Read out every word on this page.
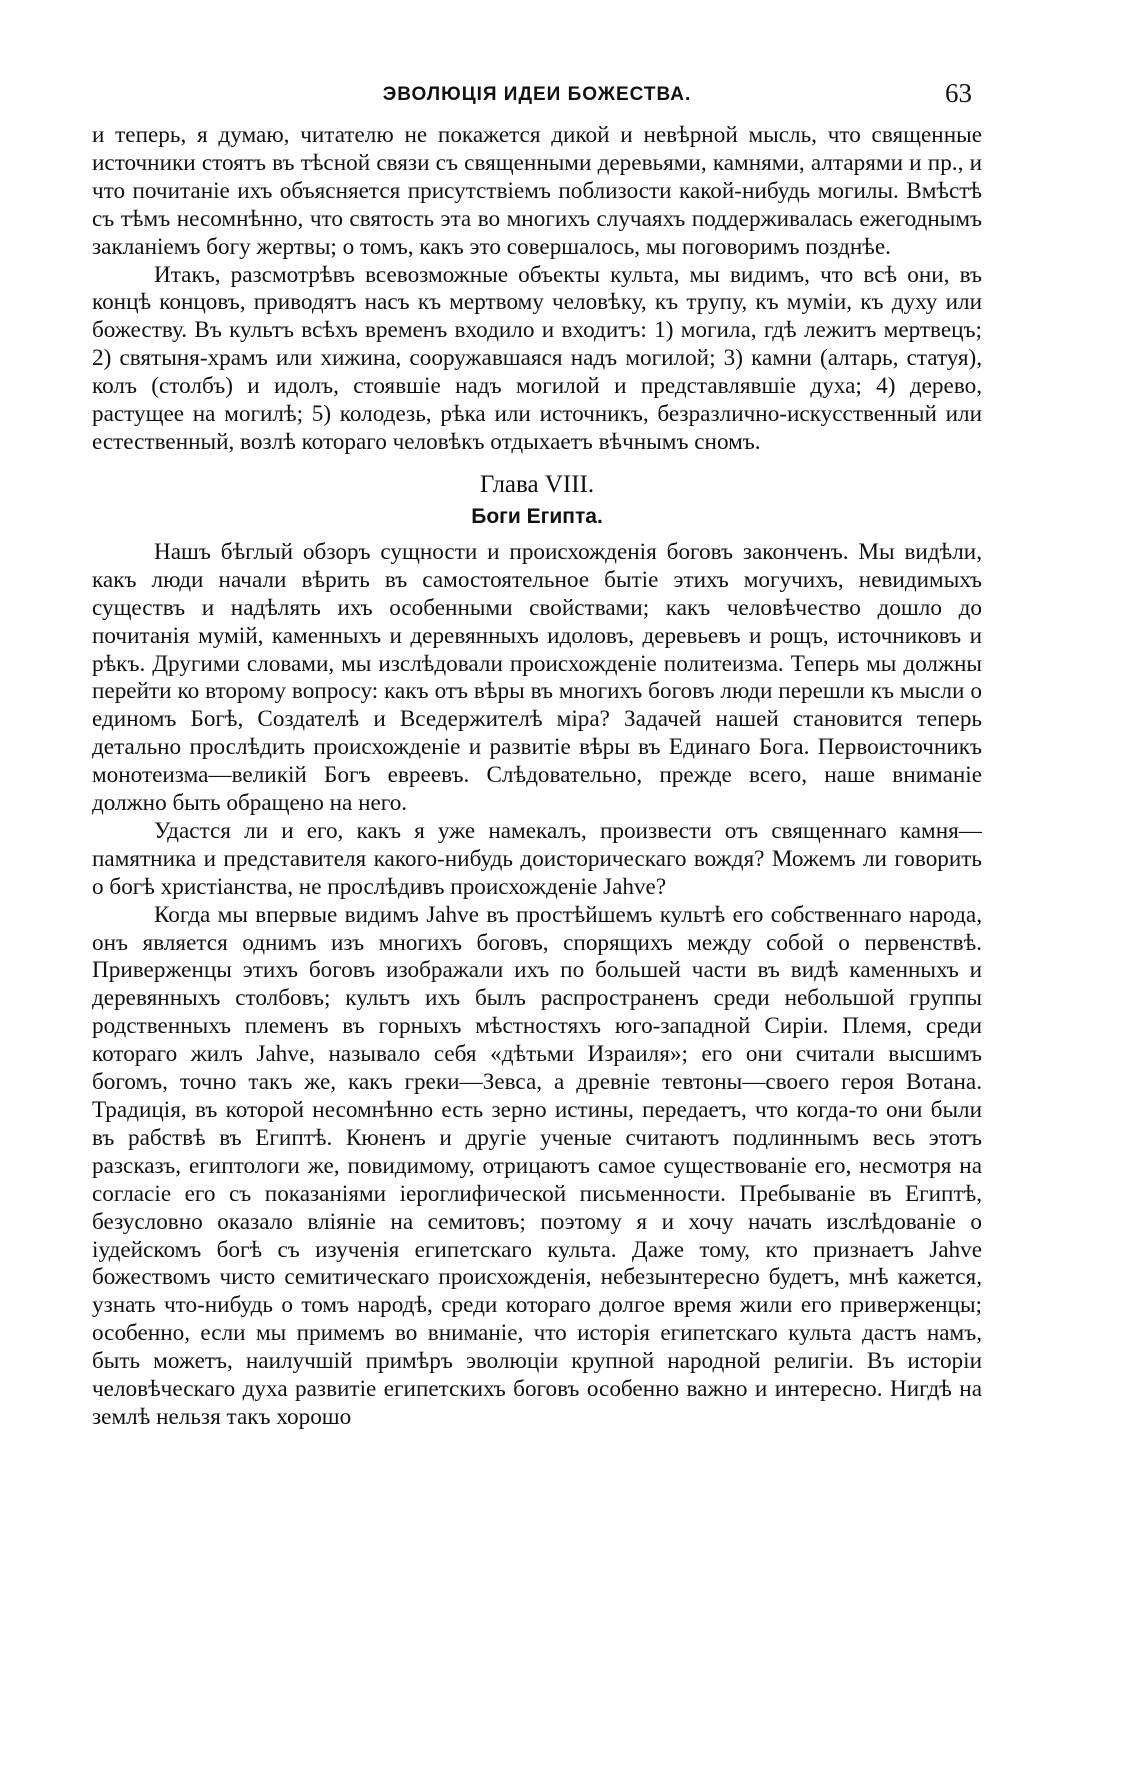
ЭВОЛЮЦІЯ ИДЕИ БОЖЕСТВА.	63

и теперь, я думаю, читателю не покажется дикой и невѣрной мысль, что священные источники стоятъ въ тѣсной связи съ священными деревьями, камнями, алтарями и пр., и что почитаніе ихъ объясняется присутствіемъ поблизости какой-нибудь могилы. Вмѣстѣ съ тѣмъ несомнѣнно, что святость эта во многихъ случаяхъ поддерживалась ежегоднымъ закланіемъ богу жертвы; о томъ, какъ это совершалось, мы поговоримъ позднѣе.

Итакъ, разсмотрѣвъ всевозможные объекты культа, мы видимъ, что всѣ они, въ концѣ концовъ, приводятъ насъ къ мертвому человѣку, къ трупу, къ муміи, къ духу или божеству. Въ культъ всѣхъ временъ входило и входитъ: 1) могила, гдѣ лежитъ мертвецъ; 2) святыня-храмъ или хижина, сооружавшаяся надъ могилой; 3) камни (алтарь, статуя), колъ (столбъ) и идолъ, стоявшіе надъ могилой и представлявшіе духа; 4) дерево, растущее на могилѣ; 5) колодезь, рѣка или источникъ, безразлично-искусственный или естественный, возлѣ котораго человѣкъ отдыхаетъ вѣчнымъ сномъ.

Глава VIII.
Боги Египта.

Нашъ бѣглый обзоръ сущности и происхожденія боговъ законченъ. Мы видѣли, какъ люди начали вѣрить въ самостоятельное бытіе этихъ могучихъ, невидимыхъ существъ и надѣлять ихъ особенными свойствами; какъ человѣчество дошло до почитанія мумій, каменныхъ и деревянныхъ идоловъ, деревьевъ и рощъ, источниковъ и рѣкъ. Другими словами, мы изслѣдовали происхожденіе политеизма. Теперь мы должны перейти ко второму вопросу: какъ отъ вѣры въ многихъ боговъ люди перешли къ мысли о единомъ Богѣ, Создателѣ и Вседержителѣ міра? Задачей нашей становится теперь детально прослѣдить происхожденіе и развитіе вѣры въ Единаго Бога. Первоисточникъ монотеизма—великій Богъ евреевъ. Слѣдовательно, прежде всего, наше вниманіе должно быть обращено на него.

Удастся ли и его, какъ я уже намекалъ, произвести отъ священнаго камня—памятника и представителя какого-нибудь доисторическаго вождя? Можемъ ли говорить о богѣ христіанства, не прослѣдивъ происхожденіе Jahve?

Когда мы впервые видимъ Jahve въ простѣйшемъ культѣ его собственнаго народа, онъ является однимъ изъ многихъ боговъ, спорящихъ между собой о первенствѣ. Приверженцы этихъ боговъ изображали ихъ по большей части въ видѣ каменныхъ и деревянныхъ столбовъ; культъ ихъ былъ распространенъ среди небольшой группы родственныхъ племенъ въ горныхъ мѣстностяхъ юго-западной Сиріи. Племя, среди котораго жилъ Jahve, называло себя «дѣтьми Израиля»; его они считали высшимъ богомъ, точно такъ же, какъ греки—Зевса, а древніе тевтоны—своего героя Вотана. Традиція, въ которой несомнѣнно есть зерно истины, передаетъ, что когда-то они были въ рабствѣ въ Египтѣ. Кюненъ и другіе ученые считаютъ подлиннымъ весь этотъ разсказъ, египтологи же, повидимому, отрицаютъ самое существованіе его, несмотря на согласіе его съ показаніями іероглифической письменности. Пребываніе въ Египтѣ, безусловно оказало вліяніе на семитовъ; поэтому я и хочу начать изслѣдованіе о іудейскомъ богѣ съ изученія египетскаго культа. Даже тому, кто признаетъ Jahve божествомъ чисто семитическаго происхожденія, небезынтересно будетъ, мнѣ кажется, узнать что-нибудь о томъ народѣ, среди котораго долгое время жили его приверженцы; особенно, если мы примемъ во вниманіе, что исторія египетскаго культа дастъ намъ, быть можетъ, наилучшій примѣръ эволюціи крупной народной религіи. Въ исторіи человѣческаго духа развитіе египетскихъ боговъ особенно важно и интересно. Нигдѣ на землѣ нельзя такъ хорошо
